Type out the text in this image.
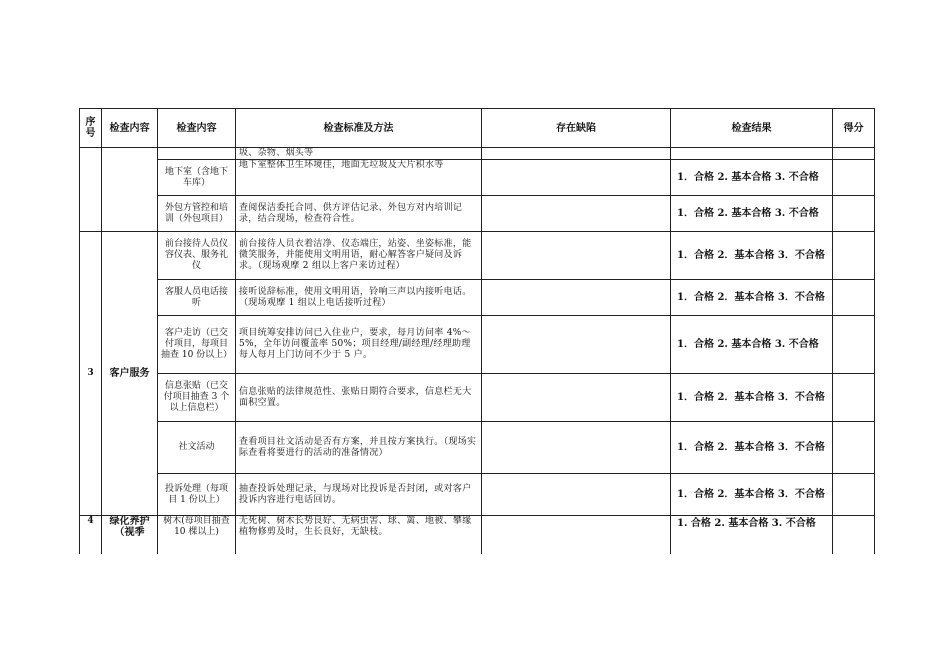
序号	检查内容	检查内容	检查标准及方法	存在缺陷	检查结果	得分
			圾、杂物、烟头等			
		地下室（含地下车库）	地下室整体卫生环境佳，地面无垃圾及大片积水等		1．合格 2. 基本合格 3. 不合格	
		外包方管控和培训（外包项目）	查阅保洁委托合同、供方评估记录、外包方对内培训记录，结合现场，检查符合性。		1．合格 2. 基本合格 3. 不合格	
3	客户服务	前台接待人员仪容仪表、服务礼仪	前台接待人员衣着洁净、仪态端庄，站姿、坐姿标准，能微笑服务，并能使用文明用语，耐心解答客户疑问及诉求。（现场观摩 2 组以上客户来访过程）		1．合格 2．基本合格 3．不合格	
		客服人员电话接听	接听说辞标准，使用文明用语，铃响三声以内接听电话。（现场观摩 1 组以上电话接听过程）		1．合格 2．基本合格 3．不合格	
		客户走访（已交付项目，每项目抽查 10 份以上）	项目统筹安排访问已入住业户，要求，每月访问率 4%～5%，全年访问覆盖率 50%；项目经理/副经理/经理助理每人每月上门访问不少于 5 户。		1．合格 2. 基本合格 3. 不合格	
		信息张贴（已交付项目抽查 3 个以上信息栏）	信息张贴的法律规范性、张贴日期符合要求，信息栏无大面积空置。		1．合格 2．基本合格 3．不合格	
		社文活动	查看项目社文活动是否有方案，并且按方案执行。（现场实际查看将要进行的活动的准备情况）		1．合格 2．基本合格 3．不合格	
		投诉处理（每项目 1 份以上）	抽查投诉处理记录，与现场对比投诉是否封闭，或对客户投诉内容进行电话回访。		1．合格 2．基本合格 3．不合格	
4	绿化养护（视季	树木(每项目抽查 10 棵以上)	无死树、树木长势良好、无病虫害、球、篱、地被、攀缘植物修剪及时，生长良好，无缺枝。		1. 合格 2. 基本合格 3. 不合格	
